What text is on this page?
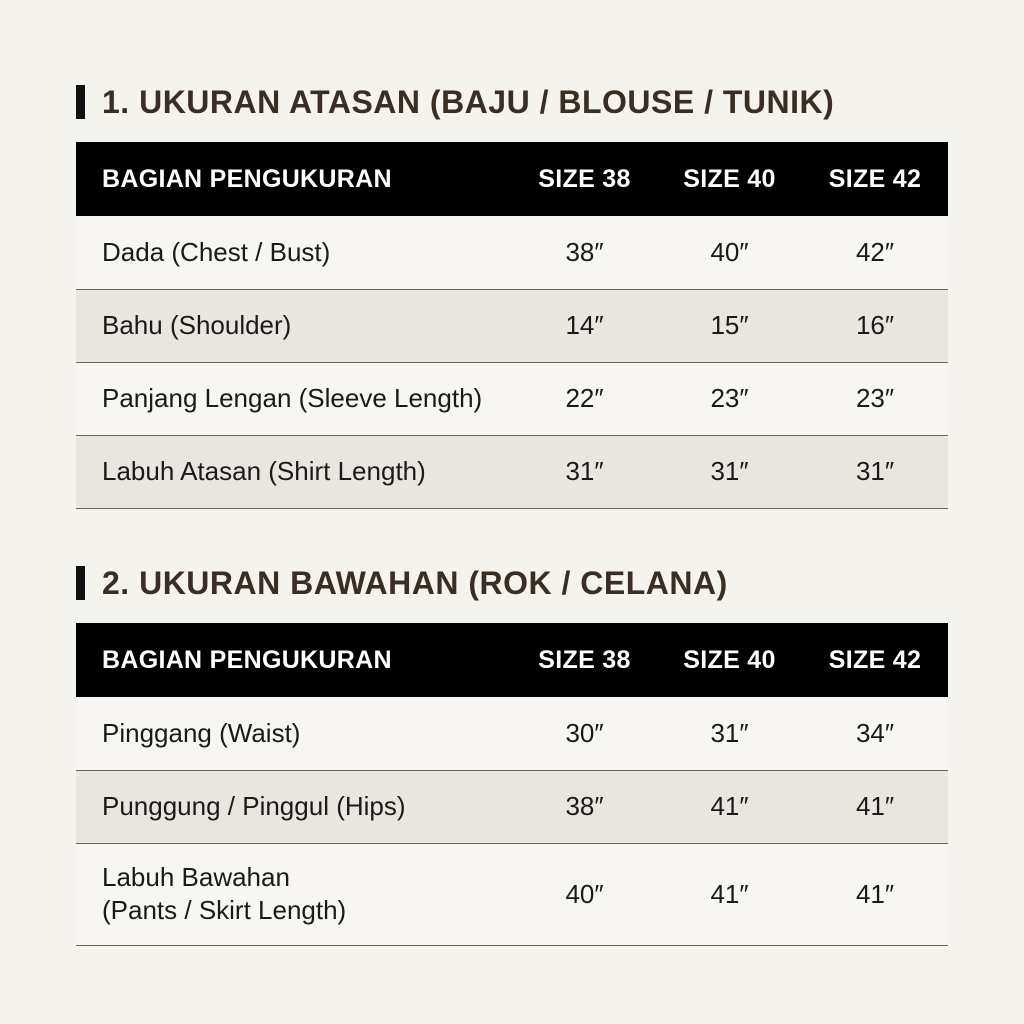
1. UKURAN ATASAN (BAJU / BLOUSE / TUNIK)
BAGIAN PENGUKURAN	SIZE 38	SIZE 40	SIZE 42
Dada (Chest / Bust)	38″	40″	42″
Bahu (Shoulder)	14″	15″	16″
Panjang Lengan (Sleeve Length)	22″	23″	23″
Labuh Atasan (Shirt Length)	31″	31″	31″
2. UKURAN BAWAHAN (ROK / CELANA)
BAGIAN PENGUKURAN	SIZE 38	SIZE 40	SIZE 42
Pinggang (Waist)	30″	31″	34″
Punggung / Pinggul (Hips)	38″	41″	41″

Labuh Bawahan
(Pants / Skirt Length)	40″	41″	41″
